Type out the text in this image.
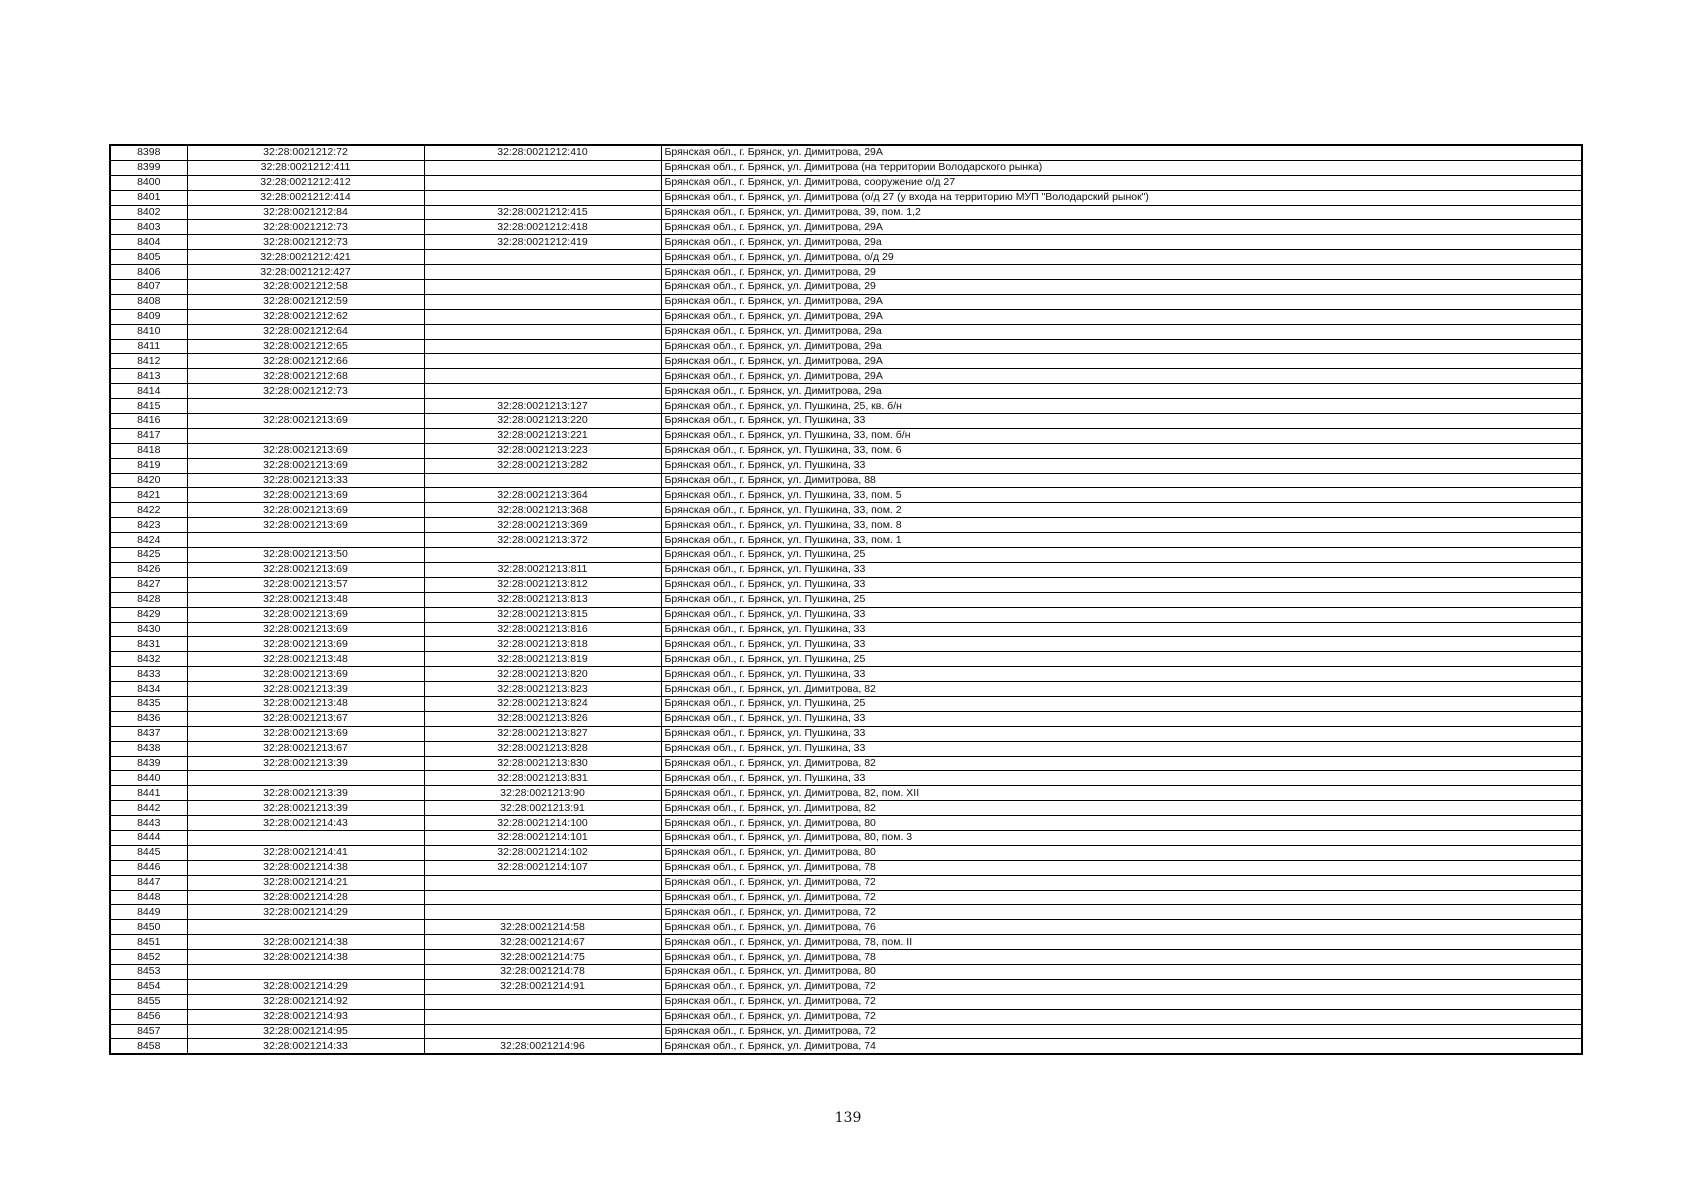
8398	32:28:0021212:72	32:28:0021212:410	Брянская обл., г. Брянск, ул. Димитрова, 29А
8399	32:28:0021212:411		Брянская обл., г. Брянск, ул. Димитрова (на территории Володарского рынка)
8400	32:28:0021212:412		Брянская обл., г. Брянск, ул. Димитрова, сооружение о/д 27
8401	32:28:0021212:414		Брянская обл., г. Брянск, ул. Димитрова (о/д 27 (у входа на территорию МУП "Володарский рынок")
8402	32:28:0021212:84	32:28:0021212:415	Брянская обл., г. Брянск, ул. Димитрова, 39, пом. 1,2
8403	32:28:0021212:73	32:28:0021212:418	Брянская обл., г. Брянск, ул. Димитрова, 29А
8404	32:28:0021212:73	32:28:0021212:419	Брянская обл., г. Брянск, ул. Димитрова, 29а
8405	32:28:0021212:421		Брянская обл., г. Брянск, ул. Димитрова, о/д 29
8406	32:28:0021212:427		Брянская обл., г. Брянск, ул. Димитрова, 29
8407	32:28:0021212:58		Брянская обл., г. Брянск, ул. Димитрова, 29
8408	32:28:0021212:59		Брянская обл., г. Брянск, ул. Димитрова, 29А
8409	32:28:0021212:62		Брянская обл., г. Брянск, ул. Димитрова, 29А
8410	32:28:0021212:64		Брянская обл., г. Брянск, ул. Димитрова, 29а
8411	32:28:0021212:65		Брянская обл., г. Брянск, ул. Димитрова, 29а
8412	32:28:0021212:66		Брянская обл., г. Брянск, ул. Димитрова, 29А
8413	32:28:0021212:68		Брянская обл., г. Брянск, ул. Димитрова, 29А
8414	32:28:0021212:73		Брянская обл., г. Брянск, ул. Димитрова, 29а
8415		32:28:0021213:127	Брянская обл., г. Брянск, ул. Пушкина, 25, кв. б/н
8416	32:28:0021213:69	32:28:0021213:220	Брянская обл., г. Брянск, ул. Пушкина, 33
8417		32:28:0021213:221	Брянская обл., г. Брянск, ул. Пушкина, 33, пом. б/н
8418	32:28:0021213:69	32:28:0021213:223	Брянская обл., г. Брянск, ул. Пушкина, 33, пом. 6
8419	32:28:0021213:69	32:28:0021213:282	Брянская обл., г. Брянск, ул. Пушкина, 33
8420	32:28:0021213:33		Брянская обл., г. Брянск, ул. Димитрова, 88
8421	32:28:0021213:69	32:28:0021213:364	Брянская обл., г. Брянск, ул. Пушкина, 33, пом. 5
8422	32:28:0021213:69	32:28:0021213:368	Брянская обл., г. Брянск, ул. Пушкина, 33, пом. 2
8423	32:28:0021213:69	32:28:0021213:369	Брянская обл., г. Брянск, ул. Пушкина, 33, пом. 8
8424		32:28:0021213:372	Брянская обл., г. Брянск, ул. Пушкина, 33, пом. 1
8425	32:28:0021213:50		Брянская обл., г. Брянск, ул. Пушкина, 25
8426	32:28:0021213:69	32:28:0021213:811	Брянская обл., г. Брянск, ул. Пушкина, 33
8427	32:28:0021213:57	32:28:0021213:812	Брянская обл., г. Брянск, ул. Пушкина, 33
8428	32:28:0021213:48	32:28:0021213:813	Брянская обл., г. Брянск, ул. Пушкина, 25
8429	32:28:0021213:69	32:28:0021213:815	Брянская обл., г. Брянск, ул. Пушкина, 33
8430	32:28:0021213:69	32:28:0021213:816	Брянская обл., г. Брянск, ул. Пушкина, 33
8431	32:28:0021213:69	32:28:0021213:818	Брянская обл., г. Брянск, ул. Пушкина, 33
8432	32:28:0021213:48	32:28:0021213:819	Брянская обл., г. Брянск, ул. Пушкина, 25
8433	32:28:0021213:69	32:28:0021213:820	Брянская обл., г. Брянск, ул. Пушкина, 33
8434	32:28:0021213:39	32:28:0021213:823	Брянская обл., г. Брянск, ул. Димитрова, 82
8435	32:28:0021213:48	32:28:0021213:824	Брянская обл., г. Брянск, ул. Пушкина, 25
8436	32:28:0021213:67	32:28:0021213:826	Брянская обл., г. Брянск, ул. Пушкина, 33
8437	32:28:0021213:69	32:28:0021213:827	Брянская обл., г. Брянск, ул. Пушкина, 33
8438	32:28:0021213:67	32:28:0021213:828	Брянская обл., г. Брянск, ул. Пушкина, 33
8439	32:28:0021213:39	32:28:0021213:830	Брянская обл., г. Брянск, ул. Димитрова, 82
8440		32:28:0021213:831	Брянская обл., г. Брянск, ул. Пушкина, 33
8441	32:28:0021213:39	32:28:0021213:90	Брянская обл., г. Брянск, ул. Димитрова, 82, пом. XII
8442	32:28:0021213:39	32:28:0021213:91	Брянская обл., г. Брянск, ул. Димитрова, 82
8443	32:28:0021214:43	32:28:0021214:100	Брянская обл., г. Брянск, ул. Димитрова, 80
8444		32:28:0021214:101	Брянская обл., г. Брянск, ул. Димитрова, 80, пом. 3
8445	32:28:0021214:41	32:28:0021214:102	Брянская обл., г. Брянск, ул. Димитрова, 80
8446	32:28:0021214:38	32:28:0021214:107	Брянская обл., г. Брянск, ул. Димитрова, 78
8447	32:28:0021214:21		Брянская обл., г. Брянск, ул. Димитрова, 72
8448	32:28:0021214:28		Брянская обл., г. Брянск, ул. Димитрова, 72
8449	32:28:0021214:29		Брянская обл., г. Брянск, ул. Димитрова, 72
8450		32:28:0021214:58	Брянская обл., г. Брянск, ул. Димитрова, 76
8451	32:28:0021214:38	32:28:0021214:67	Брянская обл., г. Брянск, ул. Димитрова, 78, пом. II
8452	32:28:0021214:38	32:28:0021214:75	Брянская обл., г. Брянск, ул. Димитрова, 78
8453		32:28:0021214:78	Брянская обл., г. Брянск, ул. Димитрова, 80
8454	32:28:0021214:29	32:28:0021214:91	Брянская обл., г. Брянск, ул. Димитрова, 72
8455	32:28:0021214:92		Брянская обл., г. Брянск, ул. Димитрова, 72
8456	32:28:0021214:93		Брянская обл., г. Брянск, ул. Димитрова, 72
8457	32:28:0021214:95		Брянская обл., г. Брянск, ул. Димитрова, 72
8458	32:28:0021214:33	32:28:0021214:96	Брянская обл., г. Брянск, ул. Димитрова, 74
139
